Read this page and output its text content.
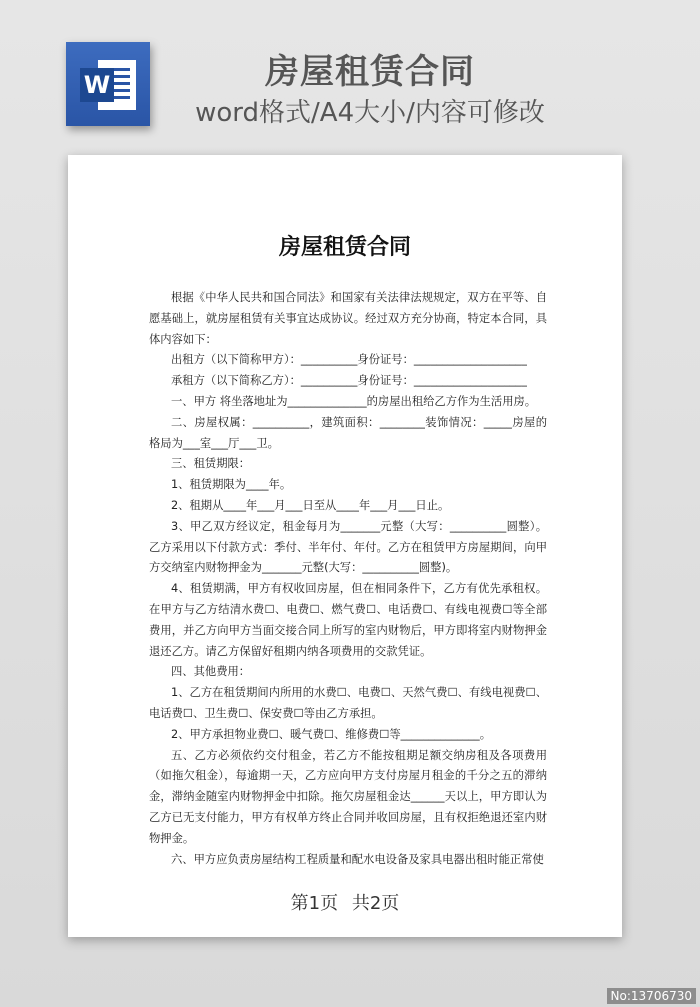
W	房屋租赁合同
word格式/A4大小/内容可修改
房屋租赁合同

根据《中华人民共和国合同法》和国家有关法律法规规定，双方在平等、自愿基础上，就房屋租赁有关事宜达成协议。经过双方充分协商，特定本合同，具体内容如下：

出租方（以下简称甲方）：__________身份证号：____________________

承租方（以下简称乙方）：__________身份证号：____________________

一、甲方 将坐落地址为______________的房屋出租给乙方作为生活用房。

二、房屋权属：__________，建筑面积：________装饰情况：_____房屋的格局为___室___厅___卫。

三、租赁期限：

1、租赁期限为____年。

2、租期从____年___月___日至从____年___月___日止。

3、甲乙双方经议定，租金每月为_______元整（大写：__________圆整）。乙方采用以下付款方式：季付、半年付、年付。乙方在租赁甲方房屋期间，向甲方交纳室内财物押金为_______元整(大写：__________圆整)。

4、租赁期满，甲方有权收回房屋，但在相同条件下，乙方有优先承租权。在甲方与乙方结清水费☐、电费☐、燃气费☐、电话费☐、有线电视费☐等全部费用，并乙方向甲方当面交接合同上所写的室内财物后，甲方即将室内财物押金退还乙方。请乙方保留好租期内纳各项费用的交款凭证。

四、其他费用：

1、乙方在租赁期间内所用的水费☐、电费☐、天然气费☐、有线电视费☐、电话费☐、卫生费☐、保安费☐等由乙方承担。

2、甲方承担物业费☐、暖气费☐、维修费☐等______________。

五、乙方必须依约交付租金，若乙方不能按租期足额交纳房租及各项费用（如拖欠租金），每逾期一天，乙方应向甲方支付房屋月租金的千分之五的滞纳金，滞纳金随室内财物押金中扣除。拖欠房屋租金达______天以上，甲方即认为乙方已无支付能力，甲方有权单方终止合同并收回房屋，且有权拒绝退还室内财物押金。

六、甲方应负责房屋结构工程质量和配水电设备及家具电器出租时能正常使

第1页 共2页
No:13706730
